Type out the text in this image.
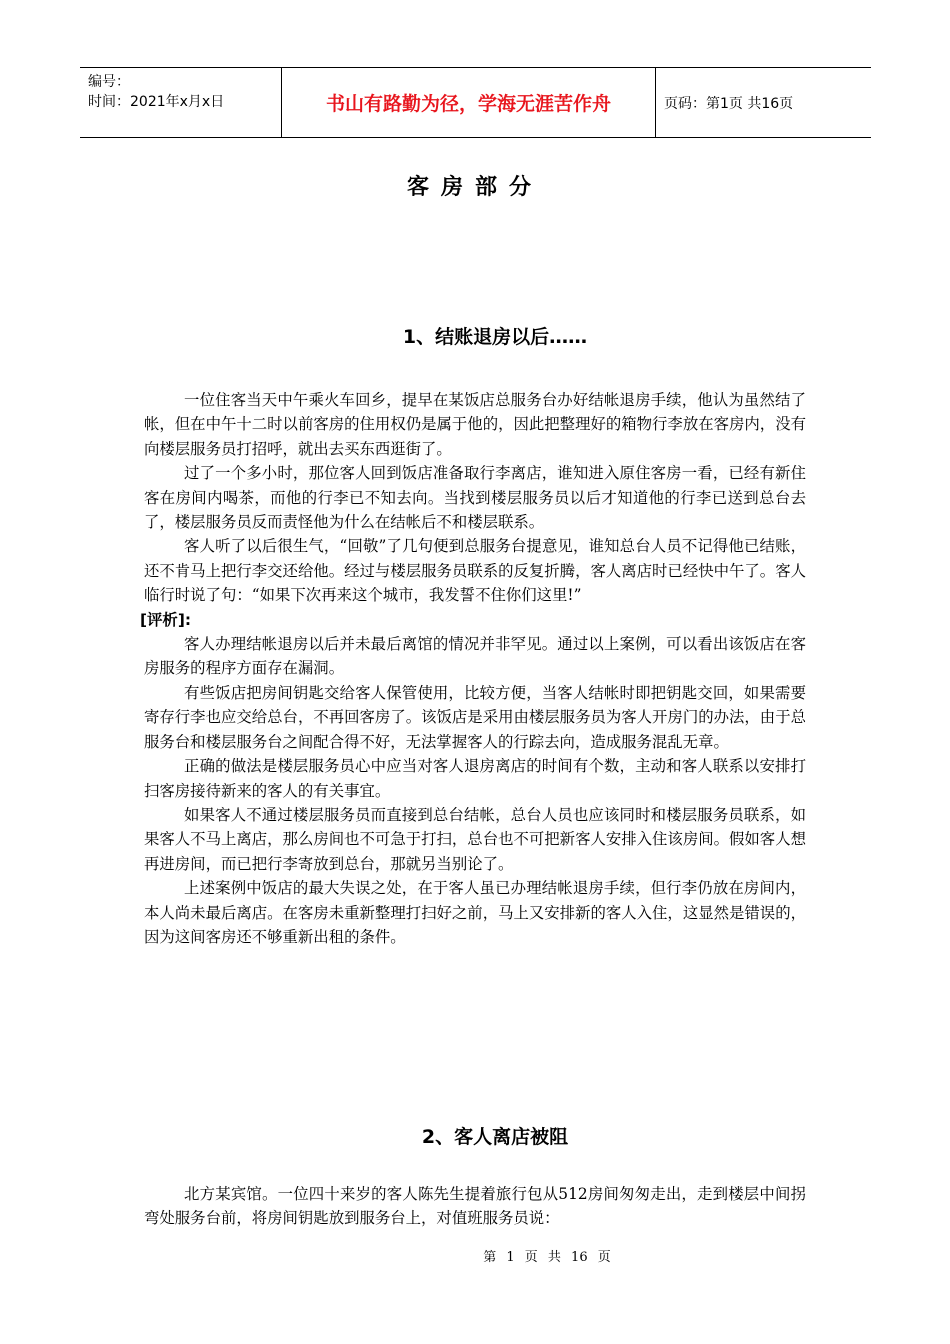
编号：
时间：2021年x月x日	书山有路勤为径，学海无涯苦作舟	页码：第1页 共16页
客房部分
1、结账退房以后……

一位住客当天中午乘火车回乡，提早在某饭店总服务台办好结帐退房手续，他认为虽然结了帐，但在中午十二时以前客房的住用权仍是属于他的，因此把整理好的箱物行李放在客房内，没有向楼层服务员打招呼，就出去买东西逛街了。

过了一个多小时，那位客人回到饭店准备取行李离店，谁知进入原住客房一看，已经有新住客在房间内喝茶，而他的行李已不知去向。当找到楼层服务员以后才知道他的行李已送到总台去了，楼层服务员反而责怪他为什么在结帐后不和楼层联系。

客人听了以后很生气，“回敬”了几句便到总服务台提意见，谁知总台人员不记得他已结账，还不肯马上把行李交还给他。经过与楼层服务员联系的反复折腾，客人离店时已经快中午了。客人临行时说了句：“如果下次再来这个城市，我发誓不住你们这里!”

[评析]:

客人办理结帐退房以后并未最后离馆的情况并非罕见。通过以上案例，可以看出该饭店在客房服务的程序方面存在漏洞。

有些饭店把房间钥匙交给客人保管使用，比较方便，当客人结帐时即把钥匙交回，如果需要寄存行李也应交给总台，不再回客房了。该饭店是采用由楼层服务员为客人开房门的办法，由于总服务台和楼层服务台之间配合得不好，无法掌握客人的行踪去向，造成服务混乱无章。

正确的做法是楼层服务员心中应当对客人退房离店的时间有个数，主动和客人联系以安排打扫客房接待新来的客人的有关事宜。

如果客人不通过楼层服务员而直接到总台结帐，总台人员也应该同时和楼层服务员联系，如果客人不马上离店，那么房间也不可急于打扫，总台也不可把新客人安排入住该房间。假如客人想再进房间，而已把行李寄放到总台，那就另当别论了。

上述案例中饭店的最大失误之处，在于客人虽已办理结帐退房手续，但行李仍放在房间内，本人尚未最后离店。在客房未重新整理打扫好之前，马上又安排新的客人入住，这显然是错误的，因为这间客房还不够重新出租的条件。

2、客人离店被阻

北方某宾馆。一位四十来岁的客人陈先生提着旅行包从512房间匆匆走出，走到楼层中间拐弯处服务台前，将房间钥匙放到服务台上，对值班服务员说：

第 1 页 共 16 页
